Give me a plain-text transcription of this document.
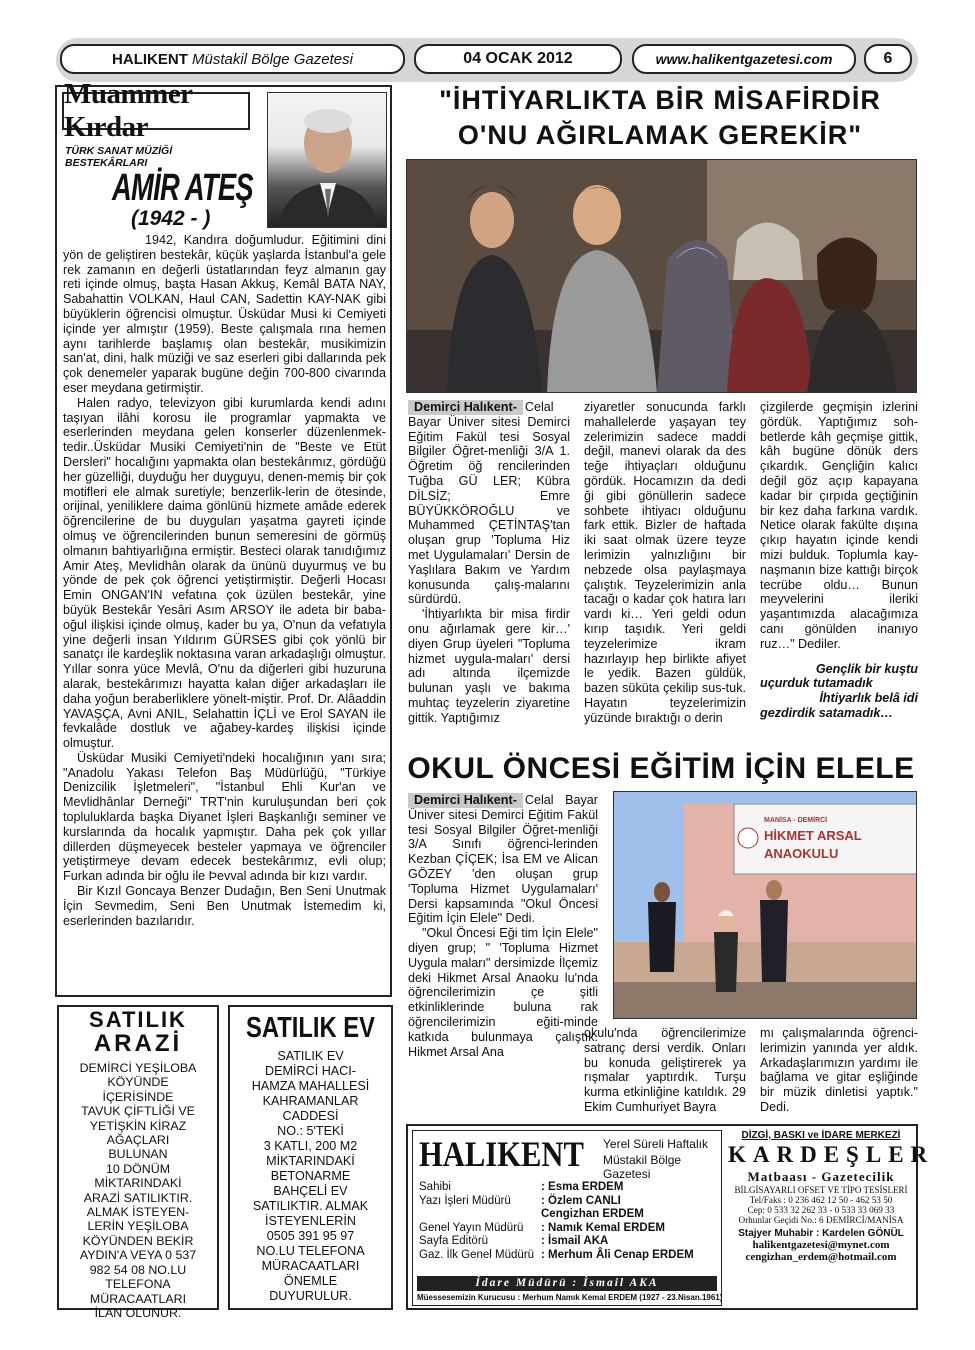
HALIKENT
Müstakil Bölge Gazetesi	04 OCAK 2012	www.halikentgazetesi.com	6
Muammer Kırdar
TÜRK SANAT MÜZİĞİ BESTEKÂRLARI
AMİR ATEŞ
(1942 - )

1942, Kandıra doğumludur. Eğitimini dini yön de geliştiren bestekâr, küçük yaşlarda İstanbul'a gele rek zamanın en değerli üstatlarından feyz almanın gay reti içinde olmuş, başta Hasan Akkuş, Kemâl BATA NAY, Sabahattin VOLKAN, Haul CAN, Sadettin KAY-NAK gibi büyüklerin öğrencisi olmuştur. Üsküdar Musi ki Cemiyeti içinde yer almıştır (1959). Beste çalışmala rına hemen aynı tarihlerde başlamış olan bestekâr, musikimizin san'at, dini, halk müziği ve saz eserleri gibi dallarında pek çok denemeler yaparak bugüne değin 700-800 civarında eser meydana getirmiştir.

Halen radyo, televizyon gibi kurumlarda kendi adını taşıyan ilâhi korosu ile programlar yapmakta ve eserlerinden meydana gelen konserler düzenlenmek-tedir..Üsküdar Musiki Cemiyeti'nin de "Beste ve Etüt Dersleri" hocalığını yapmakta olan bestekârımız, gördüğü her güzelliği, duyduğu her duyguyu, denen-memiş bir çok motifleri ele almak suretiyle; benzerlik-lerin de ötesinde, orijinal, yeniliklere daima gönlünü hizmete amâde ederek öğrencilerine de bu duyguları yaşatma gayreti içinde olmuş ve öğrencilerinden bunun semeresini de görmüş olmanın bahtiyarlığına ermiştir. Besteci olarak tanıdığımız Amir Ateş, Mevlidhân olarak da ününü duyurmuş ve bu yönde de pek çok öğrenci yetiştirmiştir. Değerli Hocası Emin ONGAN'IN vefatına çok üzülen bestekâr, yine büyük Bestekâr Yesâri Asım ARSOY ile adeta bir baba-oğul ilişkisi içinde olmuş, kader bu ya, O'nun da vefatıyla yine değerli insan Yıldırım GÜRSES gibi çok yönlü bir sanatçı ile kardeşlik noktasına varan arkadaşlığı olmuştur. Yıllar sonra yüce Mevlâ, O'nu da diğerleri gibi huzuruna alarak, bestekârımızı hayatta kalan diğer arkadaşları ile daha yoğun beraberliklere yönelt-miştir. Prof. Dr. Alâaddin YAVAŞÇA, Avni ANIL, Selahattin İÇLİ ve Erol SAYAN ile fevkalâde dostluk ve ağabey-kardeş ilişkisi içinde olmuştur.

Üsküdar Musiki Cemiyeti'ndeki hocalığının yanı sıra; "Anadolu Yakası Telefon Baş Müdürlüğü, "Türkiye Denizcilik İşletmeleri", "İstanbul Ehli Kur'an ve Mevlidhânlar Derneği" TRT'nin kuruluşundan beri çok topluluklarda başka Diyanet İşleri Başkanlığı seminer ve kurslarında da hocalık yapmıştır. Daha pek çok yıllar dillerden düşmeyecek besteler yapmaya ve öğrenciler yetiştirmeye devam edecek bestekârımız, evli olup; Furkan adında bir oğlu ile Þevval adında bir kızı vardır.

Bir Kızıl Goncaya Benzer Dudağın, Ben Seni Unutmak İçin Sevmedim, Seni Ben Unutmak İstemedim ki, eserlerinden bazılarıdır.

SATILIK
ARAZİ
DEMİRCİ YEŞİLOBA
KÖYÜNDE
İÇERİSİNDE
TAVUK ÇİFTLİĞİ VE
YETİŞKİN KİRAZ
AĞAÇLARI
BULUNAN
10 DÖNÜM
MİKTARINDAKİ
ARAZİ SATILIKTIR.
ALMAK İSTEYEN-
LERİN YEŞİLOBA
KÖYÜNDEN BEKİR
AYDIN'A VEYA 0 537
982 54 08 NO.LU
TELEFONA
MÜRACAATLARI
İLAN OLUNUR.
SATILIK EV
SATILIK EV
DEMİRCİ HACI-
HAMZA MAHALLESİ
KAHRAMANLAR
CADDESİ
NO.: 5'TEKİ
3 KATLI, 200 M2
MİKTARINDAKİ
BETONARME
BAHÇELİ EV
SATILIKTIR. ALMAK
İSTEYENLERİN
0505 391 95 97
NO.LU TELEFONA
MÜRACAATLARI
ÖNEMLE
DUYURULUR.
"İHTİYARLIKTA BİR MİSAFİRDİR
O'NU AĞIRLAMAK GEREKİR"

Demirci Halıkent- Celal Bayar Üniver sitesi Demirci Eğitim Fakül tesi Sosyal Bilgiler Öğret-menliği 3/A 1. Öğretim öğ rencilerinden Tuğba GÜ LER; Kübra DİLSİZ; Emre BÜYÜKKÖROĞLU ve Muhammed ÇETİNTAŞ'tan oluşan grup 'Topluma Hiz met Uygulamaları' Dersin de Yaşlılara Bakım ve Yardım konusunda çalış-malarını sürdürdü.

'İhtiyarlıkta bir misa firdir onu ağırlamak gere kir…' diyen Grup üyeleri "Topluma hizmet uygula-maları' dersi adı altında ilçemizde bulunan yaşlı ve bakıma muhtaç teyzelerin ziyaretine gittik. Yaptığımız

ziyaretler sonucunda farklı mahallelerde yaşayan tey zelerimizin sadece maddi değil, manevi olarak da des teğe ihtiyaçları olduğunu gördük. Hocamızın da dedi ği gibi gönüllerin sadece sohbete ihtiyacı olduğunu fark ettik. Bizler de haftada iki saat olmak üzere teyze lerimizin yalnızlığını bir nebzede olsa paylaşmaya çalıştık. Teyzelerimizin anla tacağı o kadar çok hatıra ları vardı ki… Yeri geldi odun kırıp taşıdık. Yeri geldi teyzelerimize ikram hazırlayıp hep birlikte afiyet le yedik. Bazen güldük, bazen süküta çekilip sus-tuk. Hayatın teyzelerimizin yüzünde bıraktığı o derin

çizgilerde geçmişin izlerini gördük. Yaptığımız soh-betlerde kâh geçmişe gittik, kâh bugüne dönük ders çıkardık. Gençliğin kalıcı değil göz açıp kapayana kadar bir çırpıda geçtiğinin bir kez daha farkına vardık. Netice olarak fakülte dışına çıkıp hayatın içinde kendi mizi bulduk. Toplumla kay-naşmanın bize kattığı birçok tecrübe oldu… Bunun meyvelerini ileriki yaşantımızda alacağımıza canı gönülden inanıyo ruz…" Dediler.

Gençlik bir kuştu
uçurduk tutamadık
İhtiyarlık belâ idi
gezdirdik satamadık…
OKUL ÖNCESİ EĞİTİM İÇİN ELELE
MANİSA - DEMİRCİ
HİKMET ARSAL
ANAOKULU

Demirci Halıkent- Celal Bayar Üniver sitesi Demirci Eğitim Fakül tesi Sosyal Bilgiler Öğret-menliği 3/A Sınıfı öğrenci-lerinden Kezban ÇİÇEK; İsa EM ve Alican GÖZEY 'den oluşan grup 'Topluma Hizmet Uygulamaları' Dersi kapsamında "Okul Öncesi Eğitim İçin Elele" Dedi.

"Okul Öncesi Eği tim İçin Elele" diyen grup; " 'Topluma Hizmet Uygula maları" dersimizde İlçemiz deki Hikmet Arsal Anaoku lu'nda öğrencilerimizin çe şitli etkinliklerinde buluna rak öğrencilerimizin eğiti-minde katkıda bulunmaya çalıştık. Hikmet Arsal Ana

okulu'nda öğrencilerimize satranç dersi verdik. Onları bu konuda geliştirerek ya rışmalar yaptırdık. Turşu kurma etkinliğine katıldık. 29 Ekim Cumhuriyet Bayra

mı çalışmalarında öğrenci-lerimizin yanında yer aldık. Arkadaşlarımızın yardımı ile bağlama ve gitar eşliğinde bir müzik dinletisi yaptık." Dedi.

HALIKENT Yerel Süreli Haftalık
Müstakil Bölge Gazetesi
Sahibi	: Esma ERDEM
Yazı İşleri Müdürü	: Özlem CANLI
Cengizhan ERDEM
Genel Yayın Müdürü	: Namık Kemal ERDEM
Sayfa Editörü	: İsmail AKA
Gaz. İlk Genel Müdürü : Merhum Âli Cenap ERDEM
İdare Müdürü : İsmail AKA
Müessesemizin Kurucusu : Merhum Namık Kemal ERDEM (1927 - 23.Nisan.1961)
DİZGİ, BASKI ve İDARE MERKEZİ
KARDEŞLER
Matbaası - Gazetecilik
BİLGİSAYARLI OFSET VE TİPO TESİSLERİ
Tel/Faks : 0 236 462 12 50 - 462 53 50
Cep: 0 533 32 262 33 - 0 533 33 069 33
Orhunlar Geçidi No.: 6 DEMİRCİ/MANİSA
Stajyer Muhabir : Kardelen GÖNÜL
halikentgazetesi@mynet.com
cengizhan_erdem@hotmail.com
